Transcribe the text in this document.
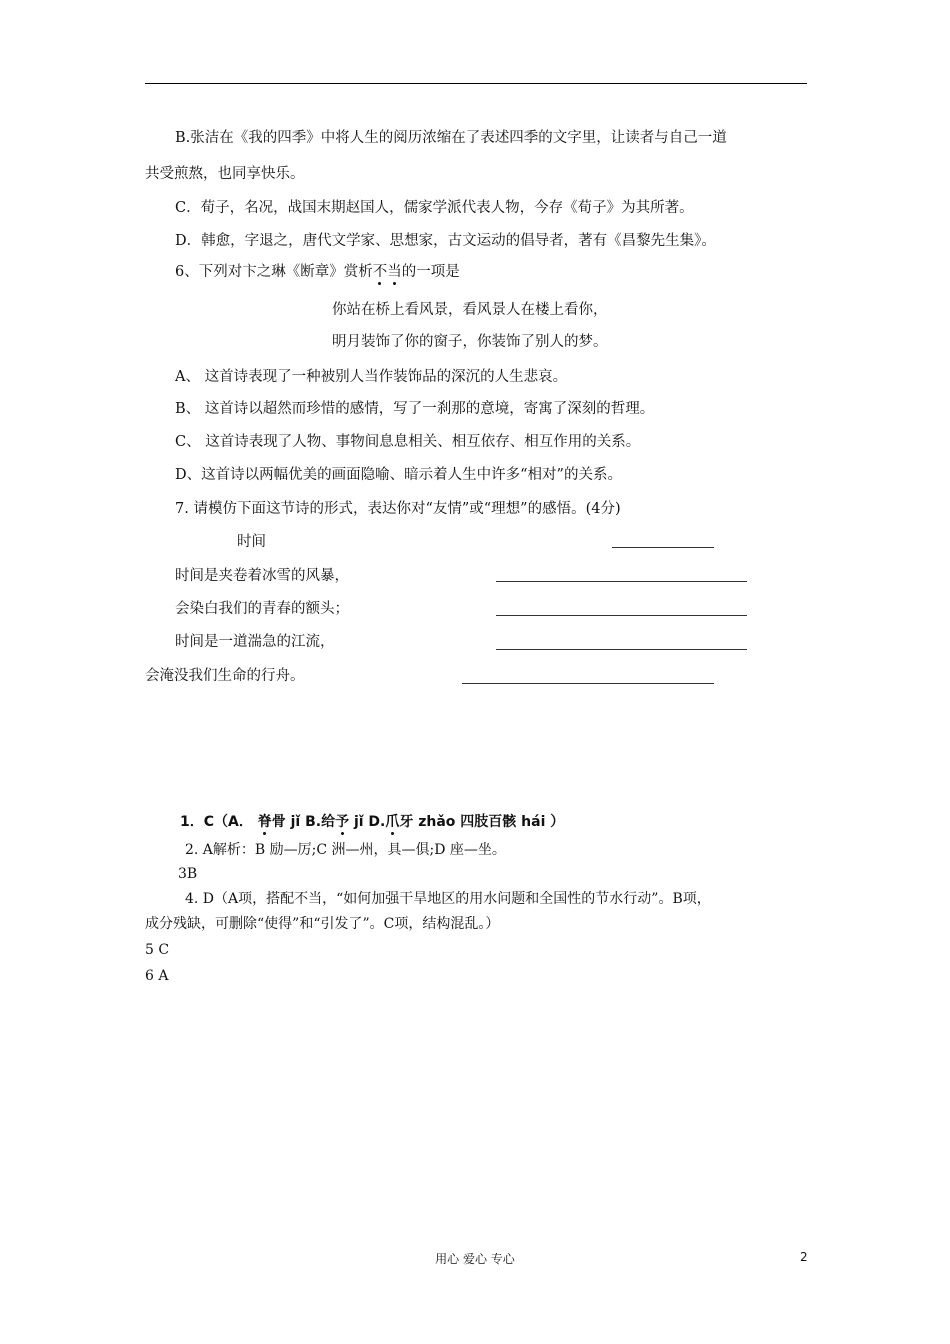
B.张洁在《我的四季》中将人生的阅历浓缩在了表述四季的文字里，让读者与自己一道
共受煎熬，也同享快乐。
C．荀子，名况，战国末期赵国人，儒家学派代表人物，今存《荀子》为其所著。
D．韩愈，字退之，唐代文学家、思想家，古文运动的倡导者，著有《昌黎先生集》。
6、下列对卞之琳《断章》赏析不当的一项是
你站在桥上看风景，看风景人在楼上看你，
明月装饰了你的窗子，你装饰了别人的梦。
A、 这首诗表现了一种被别人当作装饰品的深沉的人生悲哀。
B、 这首诗以超然而珍惜的感情，写了一刹那的意境，寄寓了深刻的哲理。
C、 这首诗表现了人物、事物间息息相关、相互依存、相互作用的关系。
D、这首诗以两幅优美的画面隐喻、暗示着人生中许多“相对”的关系。
7. 请模仿下面这节诗的形式，表达你对“友情”或“理想”的感悟。(4分)
时间
时间是夹卷着冰雪的风暴，
会染白我们的青春的额头；
时间是一道湍急的江流，
会淹没我们生命的行舟。
1．C（A． 脊骨 jǐ B.给予 jǐ D.爪牙 zhǎo 四肢百骸 hái ）
2. A解析：B 励—厉;C 洲—州，具—俱;D 座—坐。
3B
4. D（A项，搭配不当，“如何加强干旱地区的用水问题和全国性的节水行动”。B项，
成分残缺，可删除“使得”和“引发了”。C项，结构混乱。）
5 C
6 A
用心 爱心 专心	2
